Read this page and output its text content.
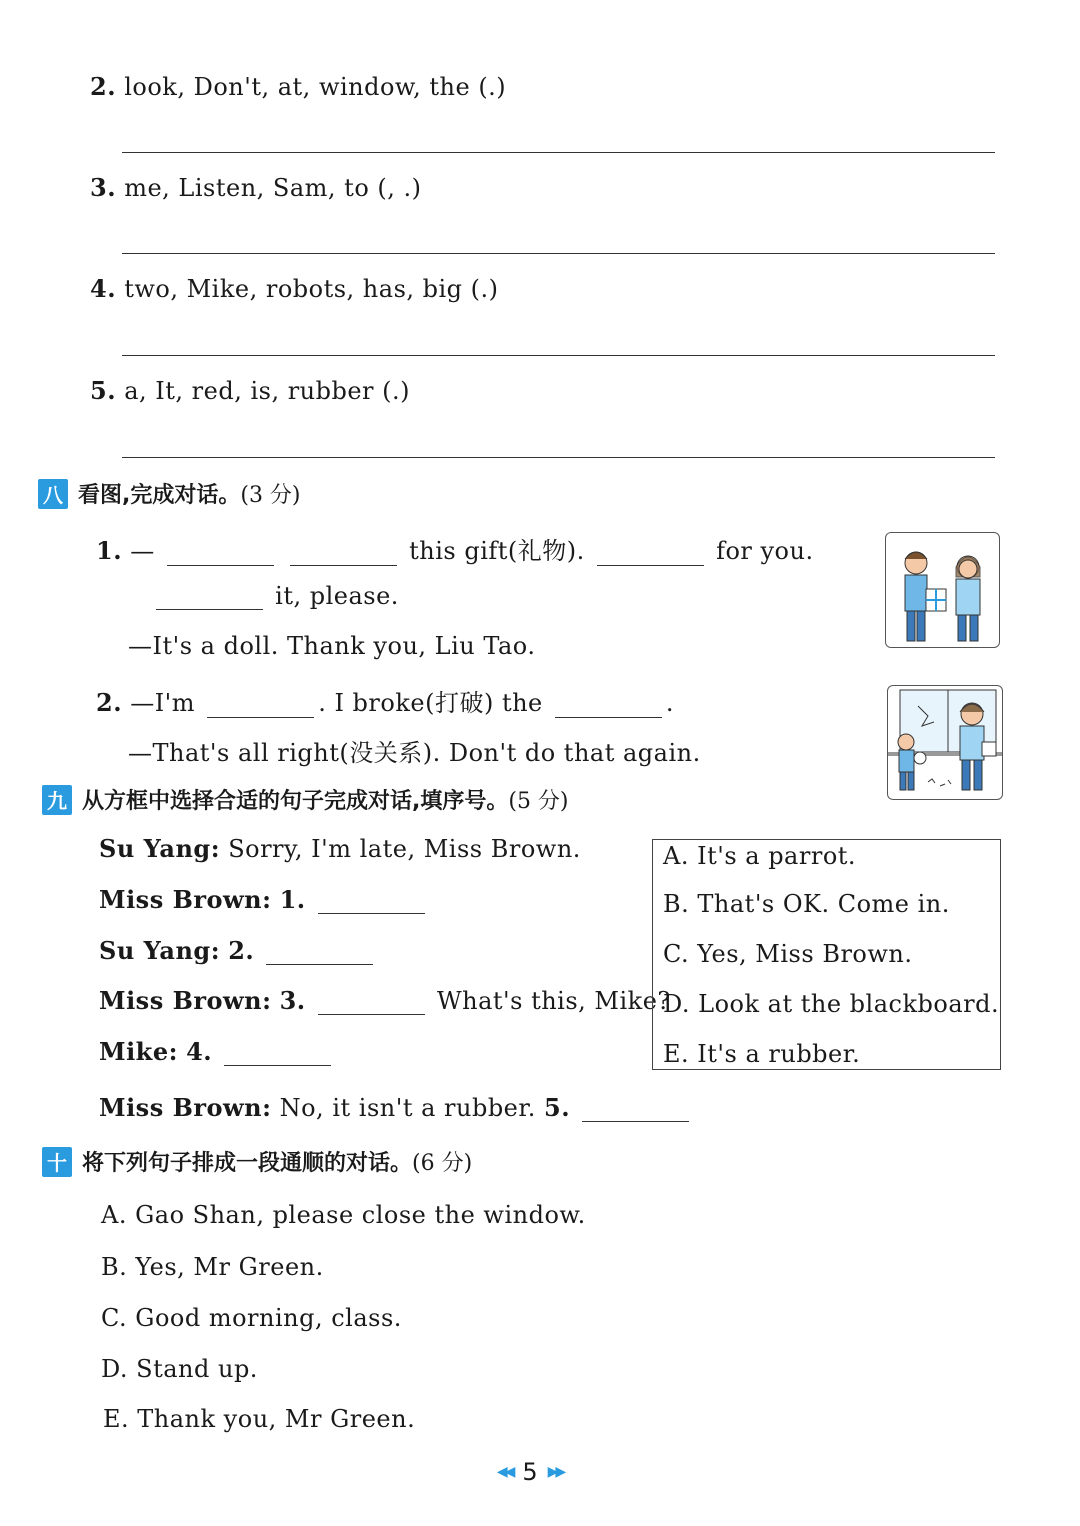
2. look, Don't, at, window, the (.)
3. me, Listen, Sam, to (, .)
4. two, Mike, robots, has, big (.)
5. a, It, red, is, rubber (.)
八 看图,完成对话。(3 分)
1. —	this gift(礼物).	for you.
it, please.
—It's a doll. Thank you, Liu Tao.
2. —I'm	. I broke(打破) the	.
—That's all right(没关系). Don't do that again.
九 从方框中选择合适的句子完成对话,填序号。(5 分)
Su Yang: Sorry, I'm late, Miss Brown.
Miss Brown: 1.
Su Yang: 2.
Miss Brown: 3.	What's this, Mike?
Mike: 4.
Miss Brown: No, it isn't a rubber. 5.
A. It's a parrot.
B. That's OK. Come in.
C. Yes, Miss Brown.
D. Look at the blackboard.
E. It's a rubber.
十 将下列句子排成一段通顺的对话。(6 分)
A. Gao Shan, please close the window.
B. Yes, Mr Green.
C. Good morning, class.
D. Stand up.
E. Thank you, Mr Green.
◀◀ 5 ▶▶
